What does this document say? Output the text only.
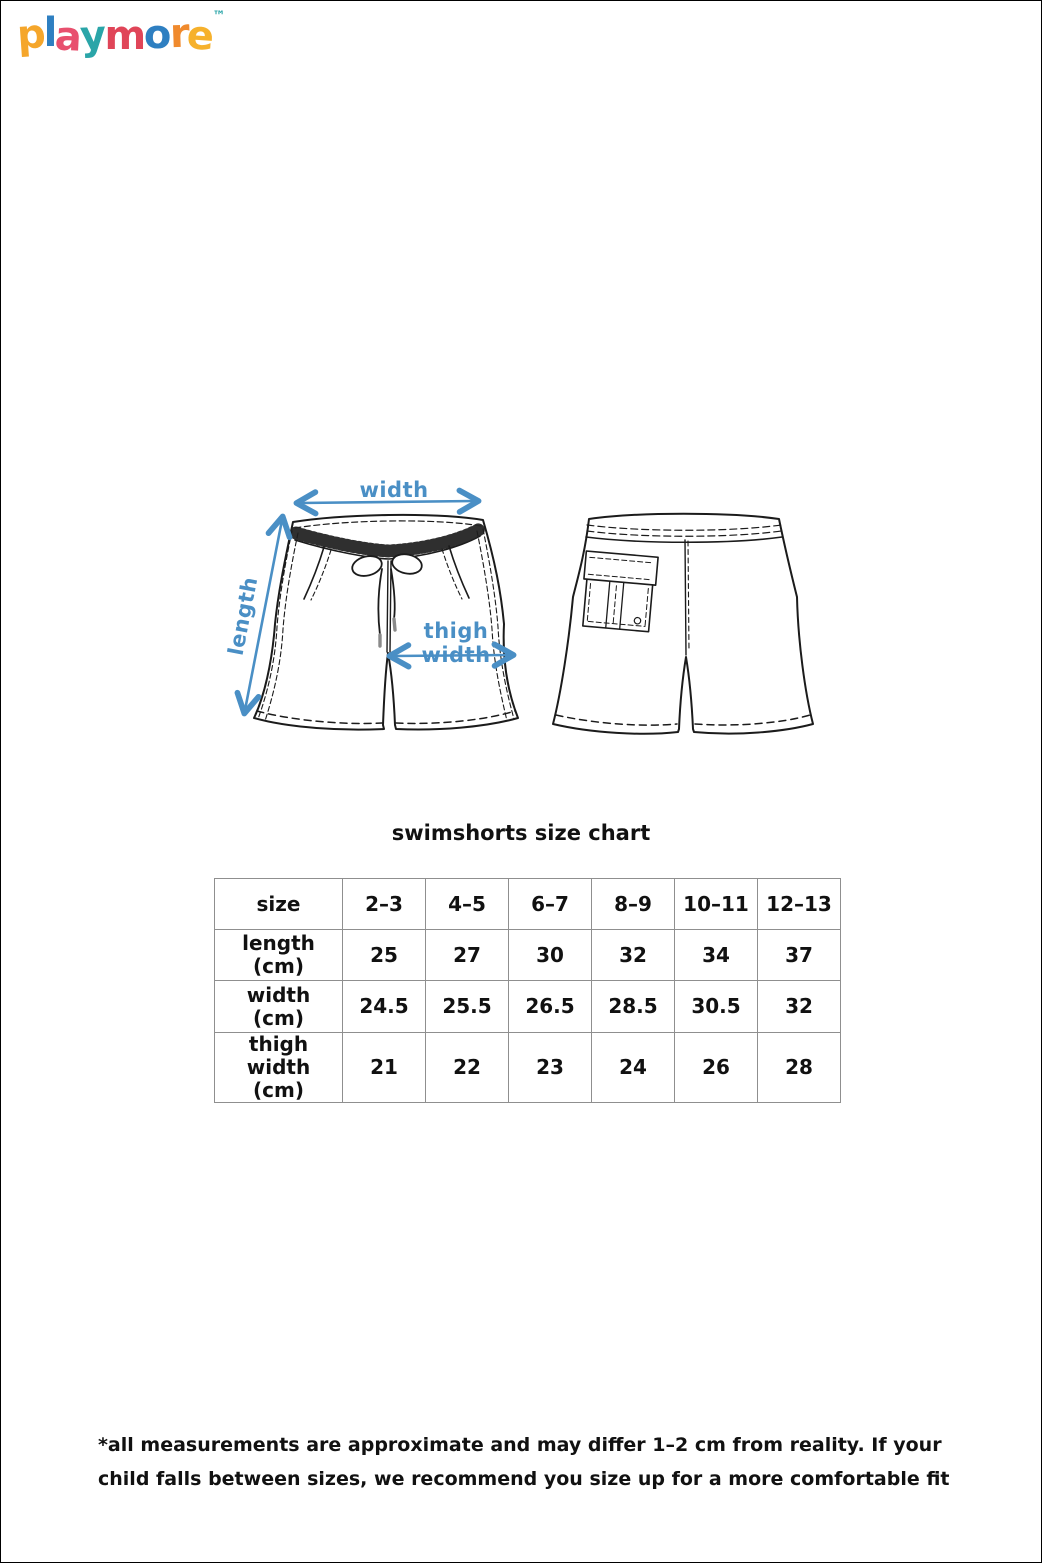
playmore™
width
length	thigh width
swimshorts size chart
size	2–3	4–5	6–7	8–9	10–11	12–13
length (cm)	25	27	30	32	34	37
width (cm)	24.5	25.5	26.5	28.5	30.5	32
thigh width (cm)	21	22	23	24	26	28
*all measurements are approximate and may differ 1–2 cm from reality. If your child falls between sizes, we recommend you size up for a more comfortable fit
